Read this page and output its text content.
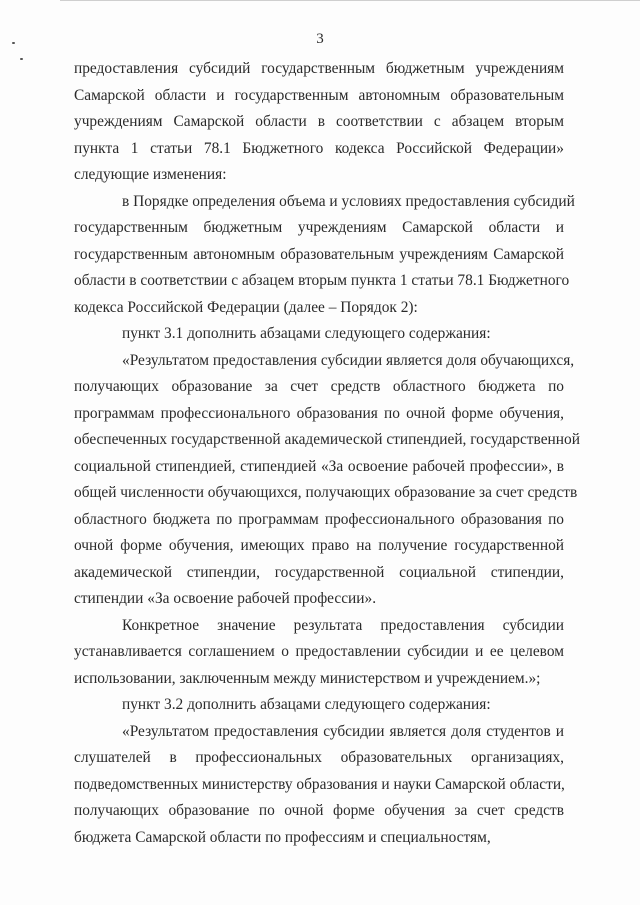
3
предоставления субсидий государственным бюджетным учреждениям
Самарской области и государственным автономным образовательным
учреждениям Самарской области в соответствии с абзацем вторым
пункта 1 статьи 78.1 Бюджетного кодекса Российской Федерации»
следующие изменения:
в Порядке определения объема и условиях предоставления субсидий
государственным бюджетным учреждениям Самарской области и
государственным автономным образовательным учреждениям Самарской
области в соответствии с абзацем вторым пункта 1 статьи 78.1 Бюджетного
кодекса Российской Федерации (далее – Порядок 2):
пункт 3.1 дополнить абзацами следующего содержания:
«Результатом предоставления субсидии является доля обучающихся,
получающих образование за счет средств областного бюджета по
программам профессионального образования по очной форме обучения,
обеспеченных государственной академической стипендией, государственной
социальной стипендией, стипендией «За освоение рабочей профессии», в
общей численности обучающихся, получающих образование за счет средств
областного бюджета по программам профессионального образования по
очной форме обучения, имеющих право на получение государственной
академической стипендии, государственной социальной стипендии,
стипендии «За освоение рабочей профессии».
Конкретное значение результата предоставления субсидии
устанавливается соглашением о предоставлении субсидии и ее целевом
использовании, заключенным между министерством и учреждением.»;
пункт 3.2 дополнить абзацами следующего содержания:
«Результатом предоставления субсидии является доля студентов и
слушателей в профессиональных образовательных организациях,
подведомственных министерству образования и науки Самарской области,
получающих образование по очной форме обучения за счет средств
бюджета Самарской области по профессиям и специальностям,
